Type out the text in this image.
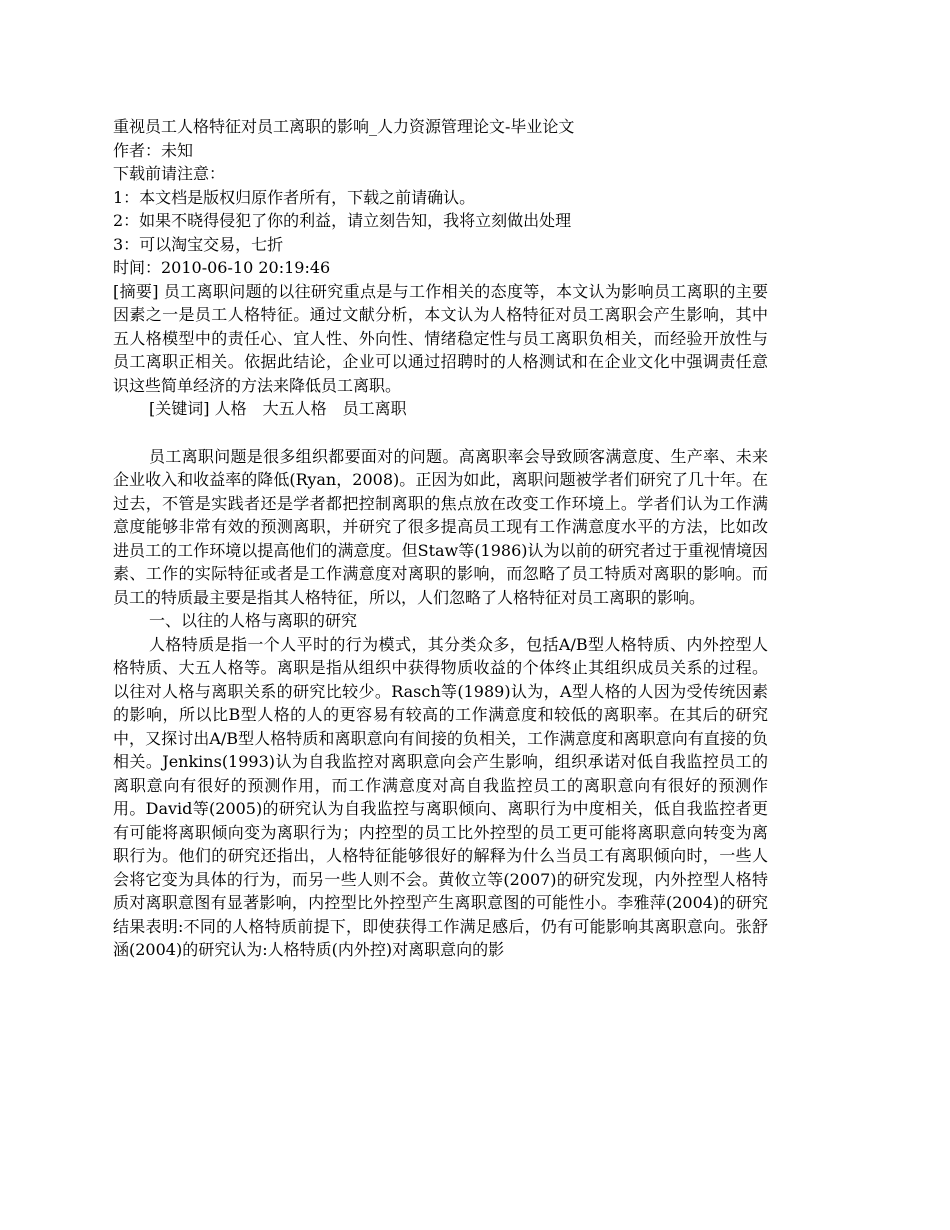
重视员工人格特征对员工离职的影响_人力资源管理论文-毕业论文
作者：未知
下载前请注意：
1：本文档是版权归原作者所有，下载之前请确认。
2：如果不晓得侵犯了你的利益，请立刻告知，我将立刻做出处理
3：可以淘宝交易，七折
时间：2010-06-10 20:19:46
[摘要] 员工离职问题的以往研究重点是与工作相关的态度等，本文认为影响员工离职的主要因素之一是员工人格特征。通过文献分析，本文认为人格特征对员工离职会产生影响，其中五人格模型中的责任心、宜人性、外向性、情绪稳定性与员工离职负相关，而经验开放性与员工离职正相关。依据此结论，企业可以通过招聘时的人格测试和在企业文化中强调责任意识这些简单经济的方法来降低员工离职。
[关键词] 人格　大五人格　员工离职
员工离职问题是很多组织都要面对的问题。高离职率会导致顾客满意度、生产率、未来企业收入和收益率的降低(Ryan，2008)。正因为如此，离职问题被学者们研究了几十年。在过去，不管是实践者还是学者都把控制离职的焦点放在改变工作环境上。学者们认为工作满意度能够非常有效的预测离职，并研究了很多提高员工现有工作满意度水平的方法，比如改进员工的工作环境以提高他们的满意度。但Staw等(1986)认为以前的研究者过于重视情境因素、工作的实际特征或者是工作满意度对离职的影响，而忽略了员工特质对离职的影响。而员工的特质最主要是指其人格特征，所以，人们忽略了人格特征对员工离职的影响。
一、以往的人格与离职的研究
人格特质是指一个人平时的行为模式，其分类众多，包括A/B型人格特质、内外控型人格特质、大五人格等。离职是指从组织中获得物质收益的个体终止其组织成员关系的过程。以往对人格与离职关系的研究比较少。Rasch等(1989)认为，A型人格的人因为受传统因素的影响，所以比B型人格的人的更容易有较高的工作满意度和较低的离职率。在其后的研究中，又探讨出A/B型人格特质和离职意向有间接的负相关，工作满意度和离职意向有直接的负相关。Jenkins(1993)认为自我监控对离职意向会产生影响，组织承诺对低自我监控员工的离职意向有很好的预测作用，而工作满意度对高自我监控员工的离职意向有很好的预测作用。David等(2005)的研究认为自我监控与离职倾向、离职行为中度相关，低自我监控者更有可能将离职倾向变为离职行为；内控型的员工比外控型的员工更可能将离职意向转变为离职行为。他们的研究还指出，人格特征能够很好的解释为什么当员工有离职倾向时，一些人会将它变为具体的行为，而另一些人则不会。黄攸立等(2007)的研究发现，内外控型人格特质对离职意图有显著影响，内控型比外控型产生离职意图的可能性小。李雅萍(2004)的研究结果表明:不同的人格特质前提下，即使获得工作满足感后，仍有可能影响其离职意向。张舒涵(2004)的研究认为:人格特质(内外控)对离职意向的影
